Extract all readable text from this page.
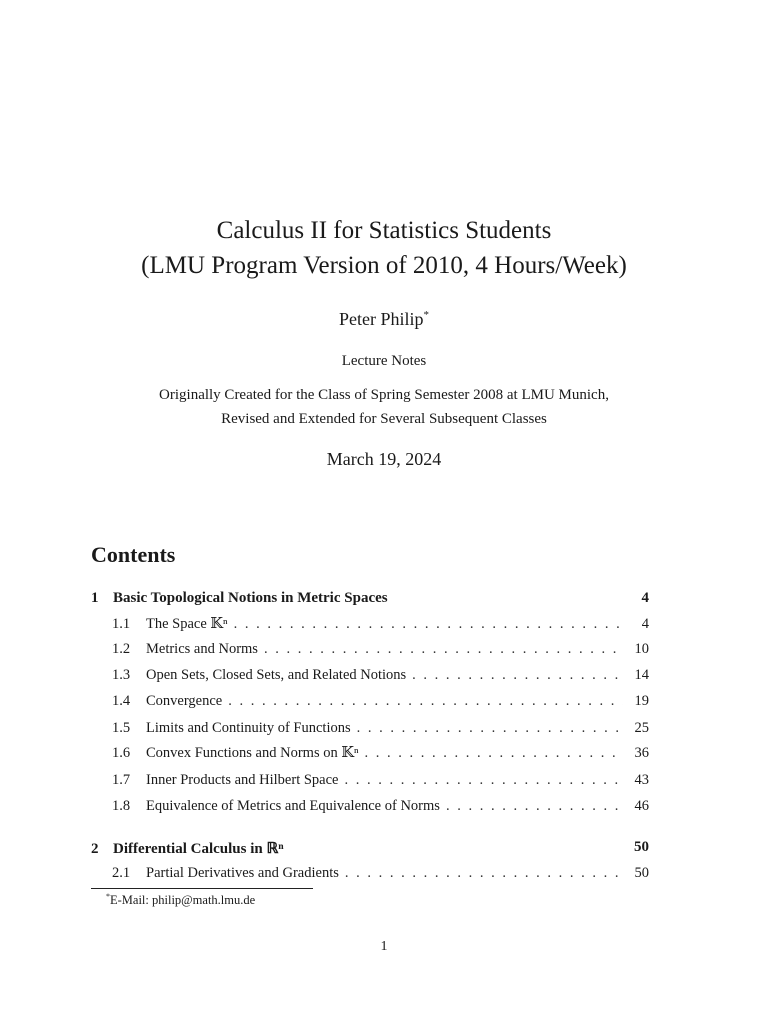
Calculus II for Statistics Students
(LMU Program Version of 2010, 4 Hours/Week)
Peter Philip*
Lecture Notes
Originally Created for the Class of Spring Semester 2008 at LMU Munich,
Revised and Extended for Several Subsequent Classes
March 19, 2024
Contents
1 Basic Topological Notions in Metric Spaces	4
1.1	The Space 𝕂ⁿ . . .	4
1.2	Metrics and Norms . . .	10
1.3	Open Sets, Closed Sets, and Related Notions . . .	14
1.4	Convergence . . .	19
1.5	Limits and Continuity of Functions . . .	25
1.6	Convex Functions and Norms on 𝕂ⁿ . . .	36
1.7	Inner Products and Hilbert Space . . .	43
1.8	Equivalence of Metrics and Equivalence of Norms . . .	46
2 Differential Calculus in ℝⁿ	50
2.1	Partial Derivatives and Gradients . . .	50
*E-Mail: philip@math.lmu.de
1
